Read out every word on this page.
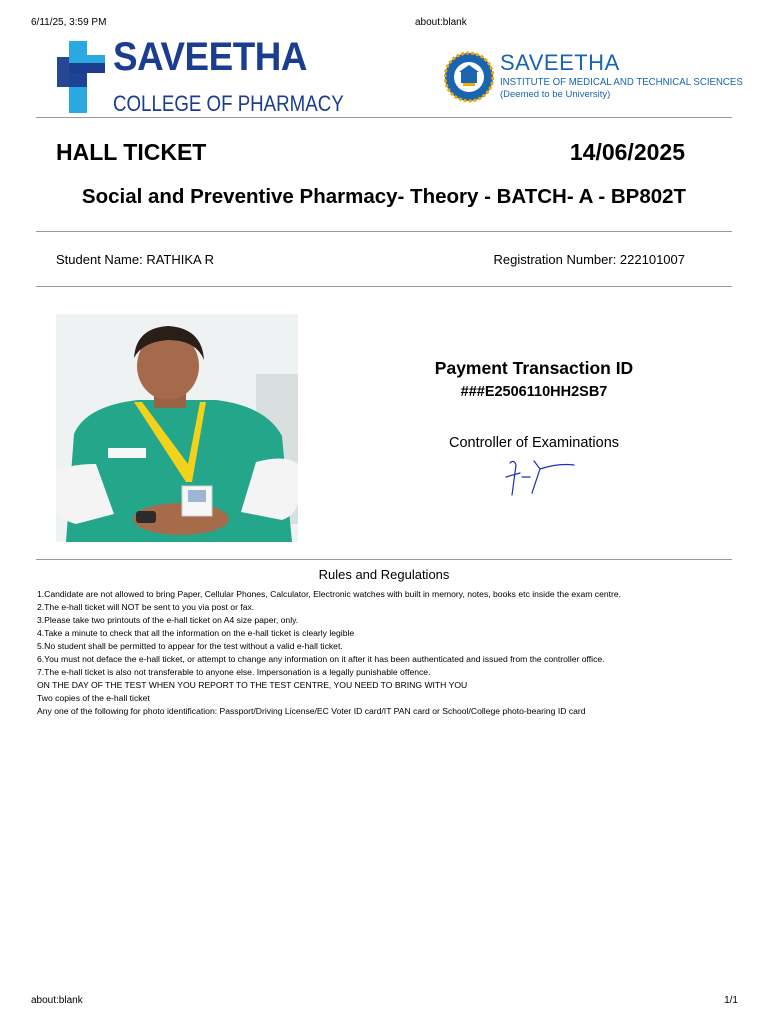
6/11/25, 3:59 PM	about:blank
SAVEETHA
COLLEGE OF PHARMACY
SAVEETHA
INSTITUTE OF MEDICAL AND TECHNICAL SCIENCES
(Deemed to be University)
HALL TICKET	14/06/2025
Social and Preventive Pharmacy- Theory - BATCH- A - BP802T
Student Name: RATHIKA R	Registration Number: 222101007
Payment Transaction ID
###E2506110HH2SB7
Controller of Examinations
Rules and Regulations
1.Candidate are not allowed to bring Paper, Cellular Phones, Calculator, Electronic watches with built in memory, notes, books etc inside the exam centre.
2.The e-hall ticket will NOT be sent to you via post or fax.
3.Please take two printouts of the e-hall ticket on A4 size paper, only.
4.Take a minute to check that all the information on the e-hall ticket is clearly legible
5.No student shall be permitted to appear for the test without a valid e-hall ticket.
6.You must not deface the e-hall ticket, or attempt to change any information on it after it has been authenticated and issued from the controller office.
7.The e-hall ticket is also not transferable to anyone else. Impersonation is a legally punishable offence.
ON THE DAY OF THE TEST WHEN YOU REPORT TO THE TEST CENTRE, YOU NEED TO BRING WITH YOU
Two copies of the e-hall ticket
Any one of the following for photo identification: Passport/Driving License/EC Voter ID card/IT PAN card or School/College photo-bearing ID card
about:blank	1/1
